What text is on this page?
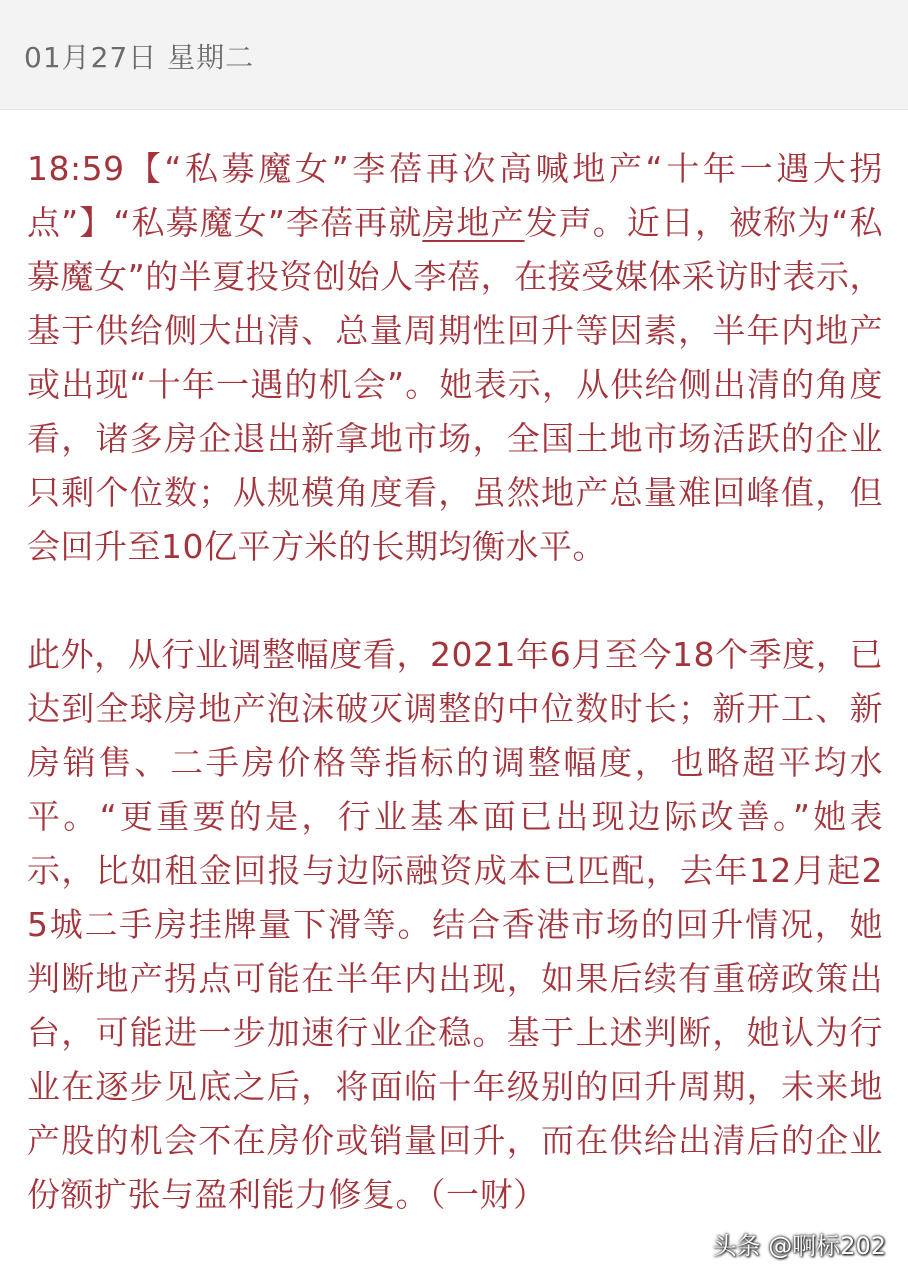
01月27日 星期二

18:59【“私募魔女”李蓓再次高喊地产“十年一遇大拐点”】“私募魔女”李蓓再就房地产发声。近日，被称为“私募魔女”的半夏投资创始人李蓓，在接受媒体采访时表示，基于供给侧大出清、总量周期性回升等因素，半年内地产或出现“十年一遇的机会”。她表示，从供给侧出清的角度看，诸多房企退出新拿地市场，全国土地市场活跃的企业只剩个位数；从规模角度看，虽然地产总量难回峰值，但会回升至10亿平方米的长期均衡水平。

此外，从行业调整幅度看，2021年6月至今18个季度，已达到全球房地产泡沫破灭调整的中位数时长；新开工、新房销售、二手房价格等指标的调整幅度，也略超平均水平。“更重要的是，行业基本面已出现边际改善。”她表示，比如租金回报与边际融资成本已匹配，去年12月起25城二手房挂牌量下滑等。结合香港市场的回升情况，她判断地产拐点可能在半年内出现，如果后续有重磅政策出台，可能进一步加速行业企稳。基于上述判断，她认为行业在逐步见底之后，将面临十年级别的回升周期，未来地产股的机会不在房价或销量回升，而在供给出清后的企业份额扩张与盈利能力修复。（一财）

头条 @啊标202
